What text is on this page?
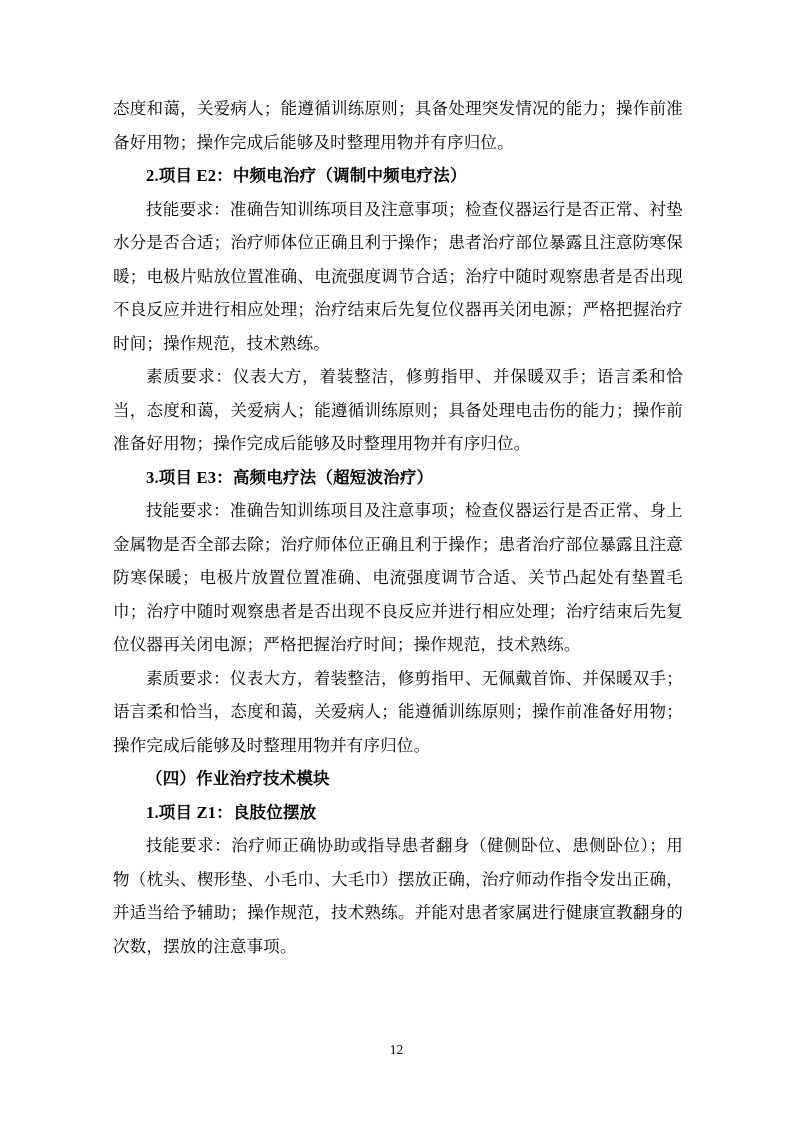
态度和蔼，关爱病人；能遵循训练原则；具备处理突发情况的能力；操作前准备好用物；操作完成后能够及时整理用物并有序归位。

2.项目 E2：中频电治疗（调制中频电疗法）

技能要求：准确告知训练项目及注意事项；检查仪器运行是否正常、衬垫水分是否合适；治疗师体位正确且利于操作；患者治疗部位暴露且注意防寒保暖；电极片贴放位置准确、电流强度调节合适；治疗中随时观察患者是否出现不良反应并进行相应处理；治疗结束后先复位仪器再关闭电源；严格把握治疗时间；操作规范，技术熟练。

素质要求：仪表大方，着装整洁，修剪指甲、并保暖双手；语言柔和恰当，态度和蔼，关爱病人；能遵循训练原则；具备处理电击伤的能力；操作前准备好用物；操作完成后能够及时整理用物并有序归位。

3.项目 E3：高频电疗法（超短波治疗）

技能要求：准确告知训练项目及注意事项；检查仪器运行是否正常、身上金属物是否全部去除；治疗师体位正确且利于操作；患者治疗部位暴露且注意防寒保暖；电极片放置位置准确、电流强度调节合适、关节凸起处有垫置毛巾；治疗中随时观察患者是否出现不良反应并进行相应处理；治疗结束后先复位仪器再关闭电源；严格把握治疗时间；操作规范，技术熟练。

素质要求：仪表大方，着装整洁，修剪指甲、无佩戴首饰、并保暖双手；语言柔和恰当，态度和蔼，关爱病人；能遵循训练原则；操作前准备好用物；操作完成后能够及时整理用物并有序归位。

（四）作业治疗技术模块

1.项目 Z1：良肢位摆放

技能要求：治疗师正确协助或指导患者翻身（健侧卧位、患侧卧位）；用物（枕头、楔形垫、小毛巾、大毛巾）摆放正确，治疗师动作指令发出正确，并适当给予辅助；操作规范，技术熟练。并能对患者家属进行健康宣教翻身的次数，摆放的注意事项。

12
